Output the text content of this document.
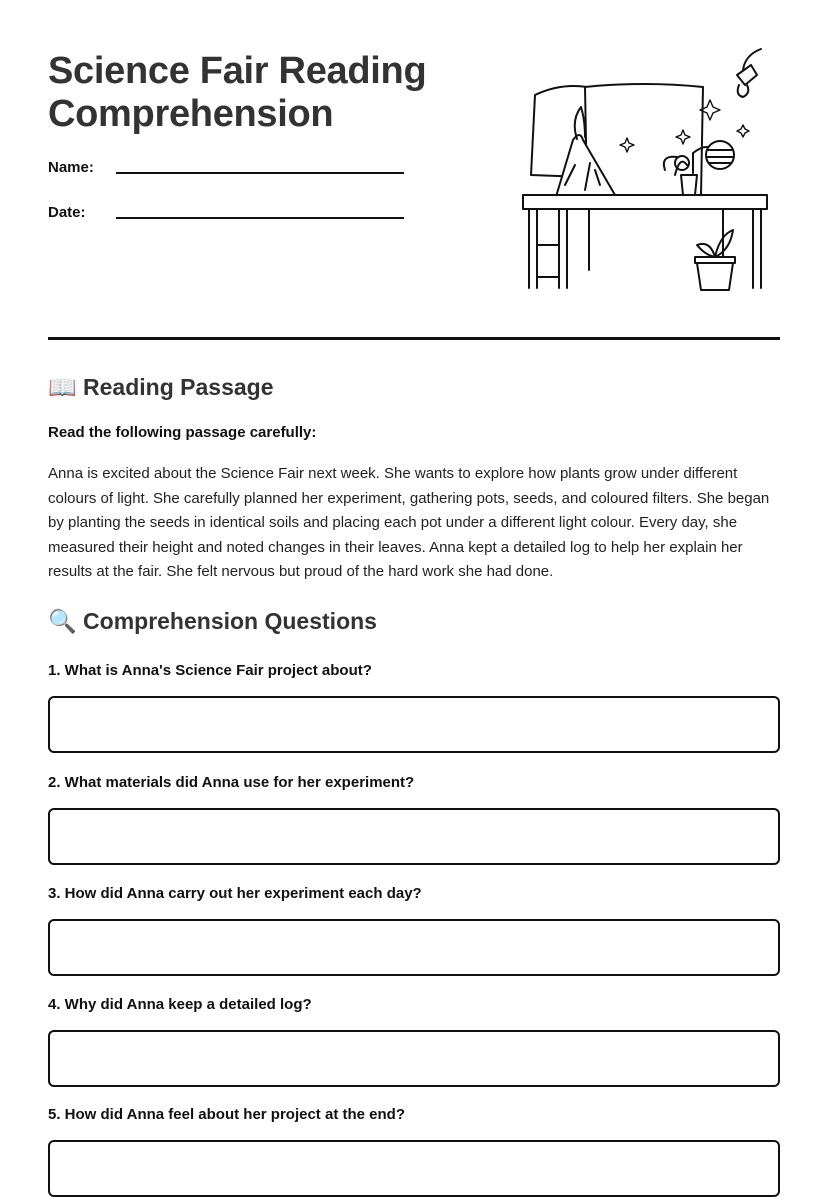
Science Fair Reading
Comprehension
Name:
Date:
📖 Reading Passage
Read the following passage carefully:

Anna is excited about the Science Fair next week. She wants to explore how plants grow under different colours of light. She carefully planned her experiment, gathering pots, seeds, and coloured filters. She began by planting the seeds in identical soils and placing each pot under a different light colour. Every day, she measured their height and noted changes in their leaves. Anna kept a detailed log to help her explain her results at the fair. She felt nervous but proud of the hard work she had done.

🔍 Comprehension Questions
1. What is Anna's Science Fair project about?
2. What materials did Anna use for her experiment?
3. How did Anna carry out her experiment each day?
4. Why did Anna keep a detailed log?
5. How did Anna feel about her project at the end?
